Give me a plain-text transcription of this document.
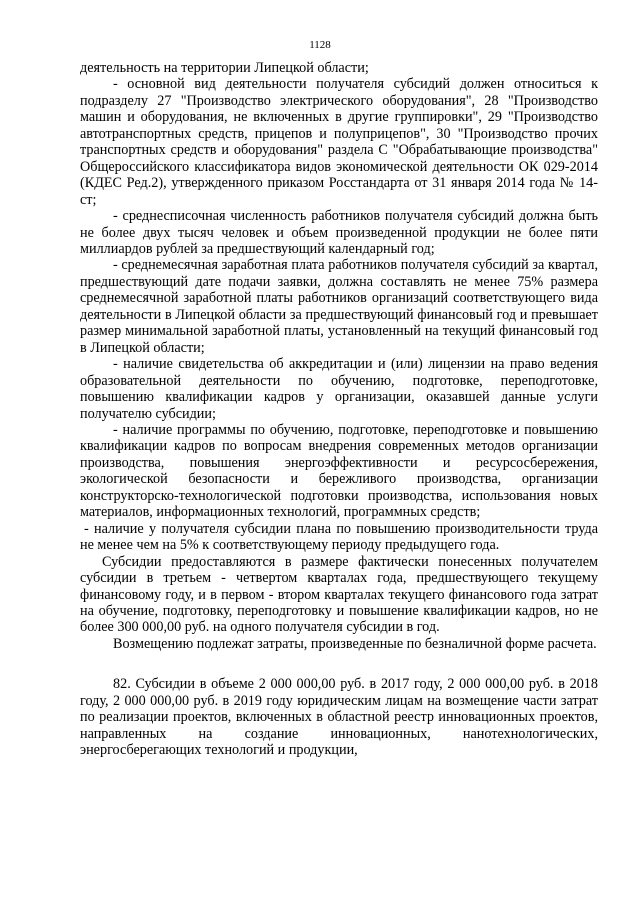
1128

деятельность на территории Липецкой области;

- основной вид деятельности получателя субсидий должен относиться к подразделу 27 "Производство электрического оборудования", 28 "Производство машин и оборудования, не включенных в другие группировки", 29 "Производство автотранспортных средств, прицепов и полуприцепов", 30 "Производство прочих транспортных средств и оборудования" раздела С "Обрабатывающие производства" Общероссийского классификатора видов экономической деятельности ОК 029-2014 (КДЕС Ред.2), утвержденного приказом Росстандарта от 31 января 2014 года № 14-ст;

- среднесписочная численность работников получателя субсидий должна быть не более двух тысяч человек и объем произведенной продукции не более пяти миллиардов рублей за предшествующий календарный год;

- среднемесячная заработная плата работников получателя субсидий за квартал, предшествующий дате подачи заявки, должна составлять не менее 75% размера среднемесячной заработной платы работников организаций соответствующего вида деятельности в Липецкой области за предшествующий финансовый год и превышает размер минимальной заработной платы, установленный на текущий финансовый год в Липецкой области;

- наличие свидетельства об аккредитации и (или) лицензии на право ведения образовательной деятельности по обучению, подготовке, переподготовке, повышению квалификации кадров у организации, оказавшей данные услуги получателю субсидии;

- наличие программы по обучению, подготовке, переподготовке и повышению квалификации кадров по вопросам внедрения современных методов организации производства, повышения энергоэффективности и ресурсосбережения, экологической безопасности и бережливого производства, организации конструкторско-технологической подготовки производства, использования новых материалов, информационных технологий, программных средств;

- наличие у получателя субсидии плана по повышению производительности труда не менее чем на 5% к соответствующему периоду предыдущего года.

Субсидии предоставляются в размере фактически понесенных получателем субсидии в третьем - четвертом кварталах года, предшествующего текущему финансовому году, и в первом - втором кварталах текущего финансового года затрат на обучение, подготовку, переподготовку и повышение квалификации кадров, но не более 300 000,00 руб. на одного получателя субсидии в год.

Возмещению подлежат затраты, произведенные по безналичной форме расчета.

82. Субсидии в объеме 2 000 000,00 руб. в 2017 году, 2 000 000,00 руб. в 2018 году, 2 000 000,00 руб. в 2019 году юридическим лицам на возмещение части затрат по реализации проектов, включенных в областной реестр инновационных проектов, направленных на создание инновационных, нанотехнологических, энергосберегающих технологий и продукции,
